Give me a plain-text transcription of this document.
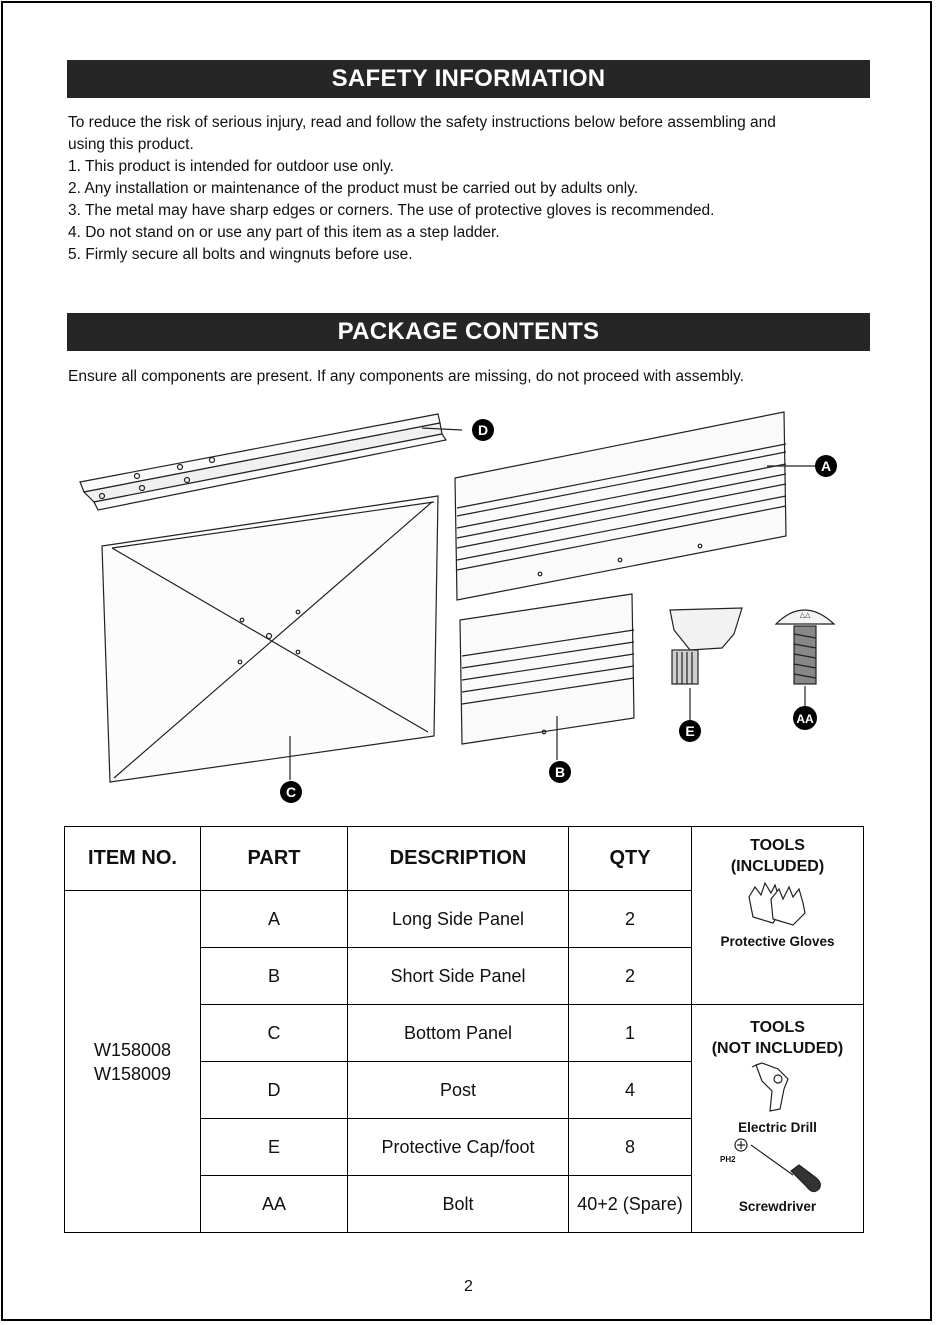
SAFETY INFORMATION

To reduce the risk of serious injury, read and follow the safety instructions below before assembling and

using this product.

1. This product is intended for outdoor use only.

2. Any installation or maintenance of the product must be carried out by adults only.

3. The metal may have sharp edges or corners. The use of protective gloves is recommended.

4. Do not stand on or use any part of this item as a step ladder.

5. Firmly secure all bolts and wingnuts before use.

PACKAGE CONTENTS

Ensure all components are present. If any components are missing, do not proceed with assembly.

△△
D
A
E
AA
B
C
ITEM NO.	PART	DESCRIPTION	QTY	TOOLS
(INCLUDED)
Protective Gloves

W158008
W158009	A	Long Side Panel	2	
	B	Short Side Panel	2	
	C	Bottom Panel	1	TOOLS
(NOT INCLUDED)
Electric Drill
PH2
Screwdriver

	D	Post	4	
	E	Protective Cap/foot	8	
	AA	Bolt	40+2 (Spare)	
2
